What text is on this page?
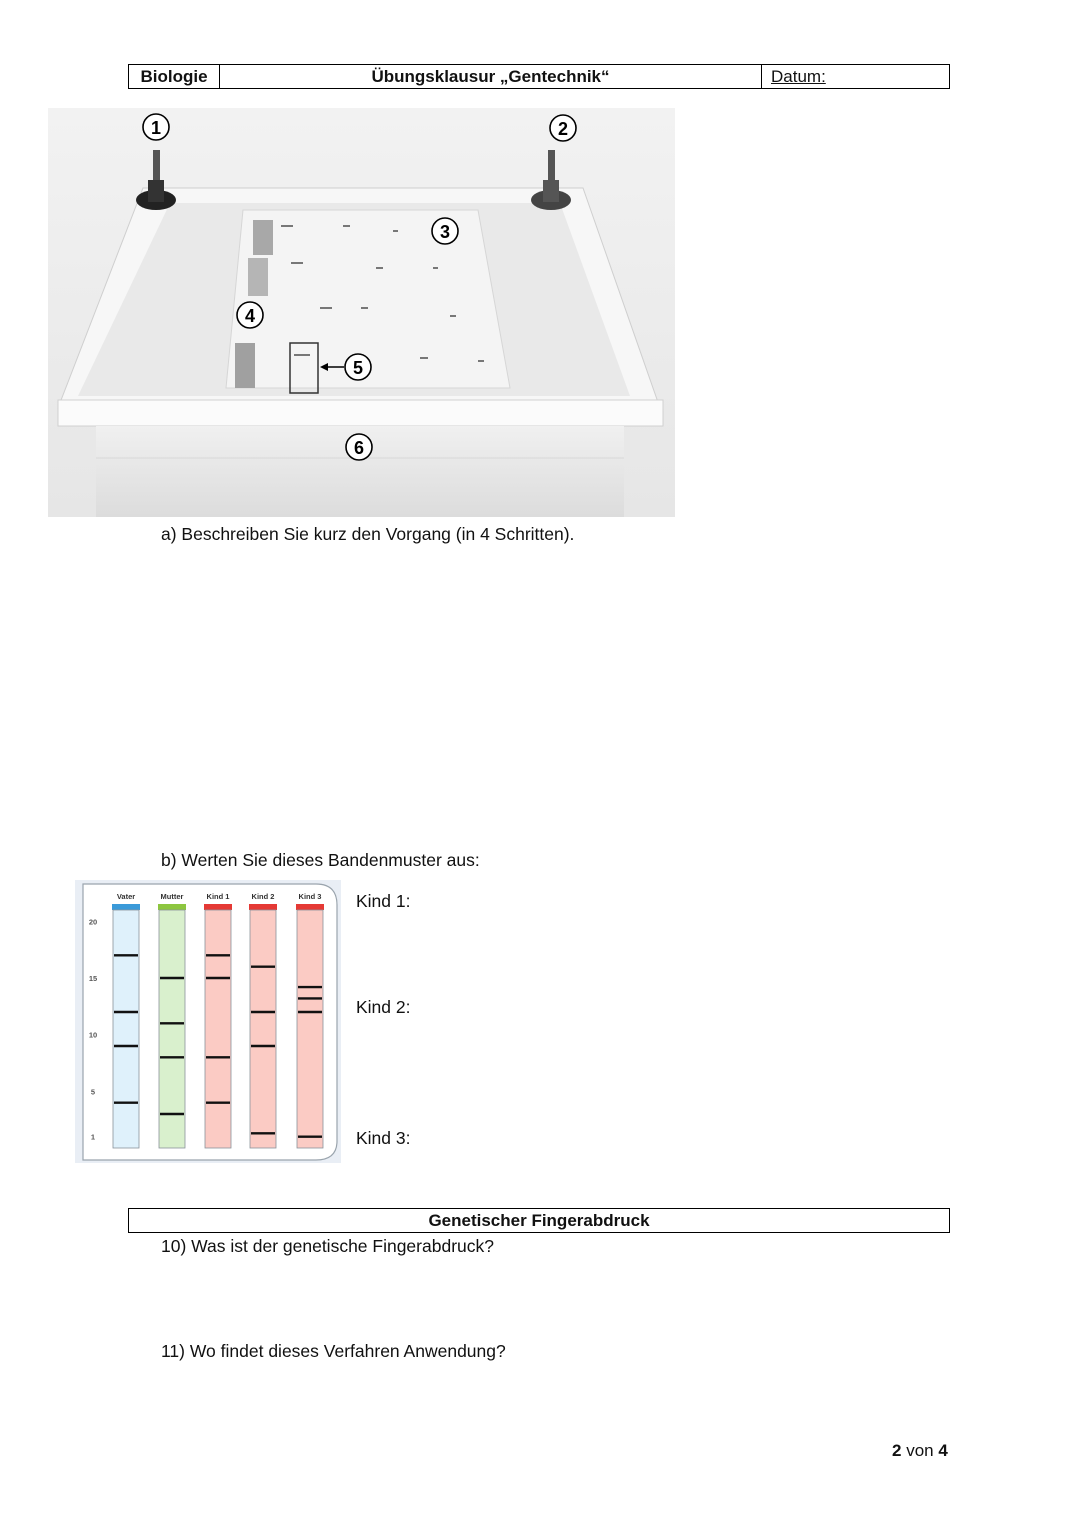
Biologie	Übungsklausur „Gentechnik“	Datum:
1	2
3
4
5
6
a) Beschreiben Sie kurz den Vorgang (in 4 Schritten).
b) Werten Sie dieses Bandenmuster aus:
20
15
10
5
1
Vater	Mutter	Kind 1	Kind 2	Kind 3 Kind 1:
Kind 2:
Kind 3:
Genetischer Fingerabdruck
10) Was ist der genetische Fingerabdruck?
11) Wo findet dieses Verfahren Anwendung?
2 von 4
